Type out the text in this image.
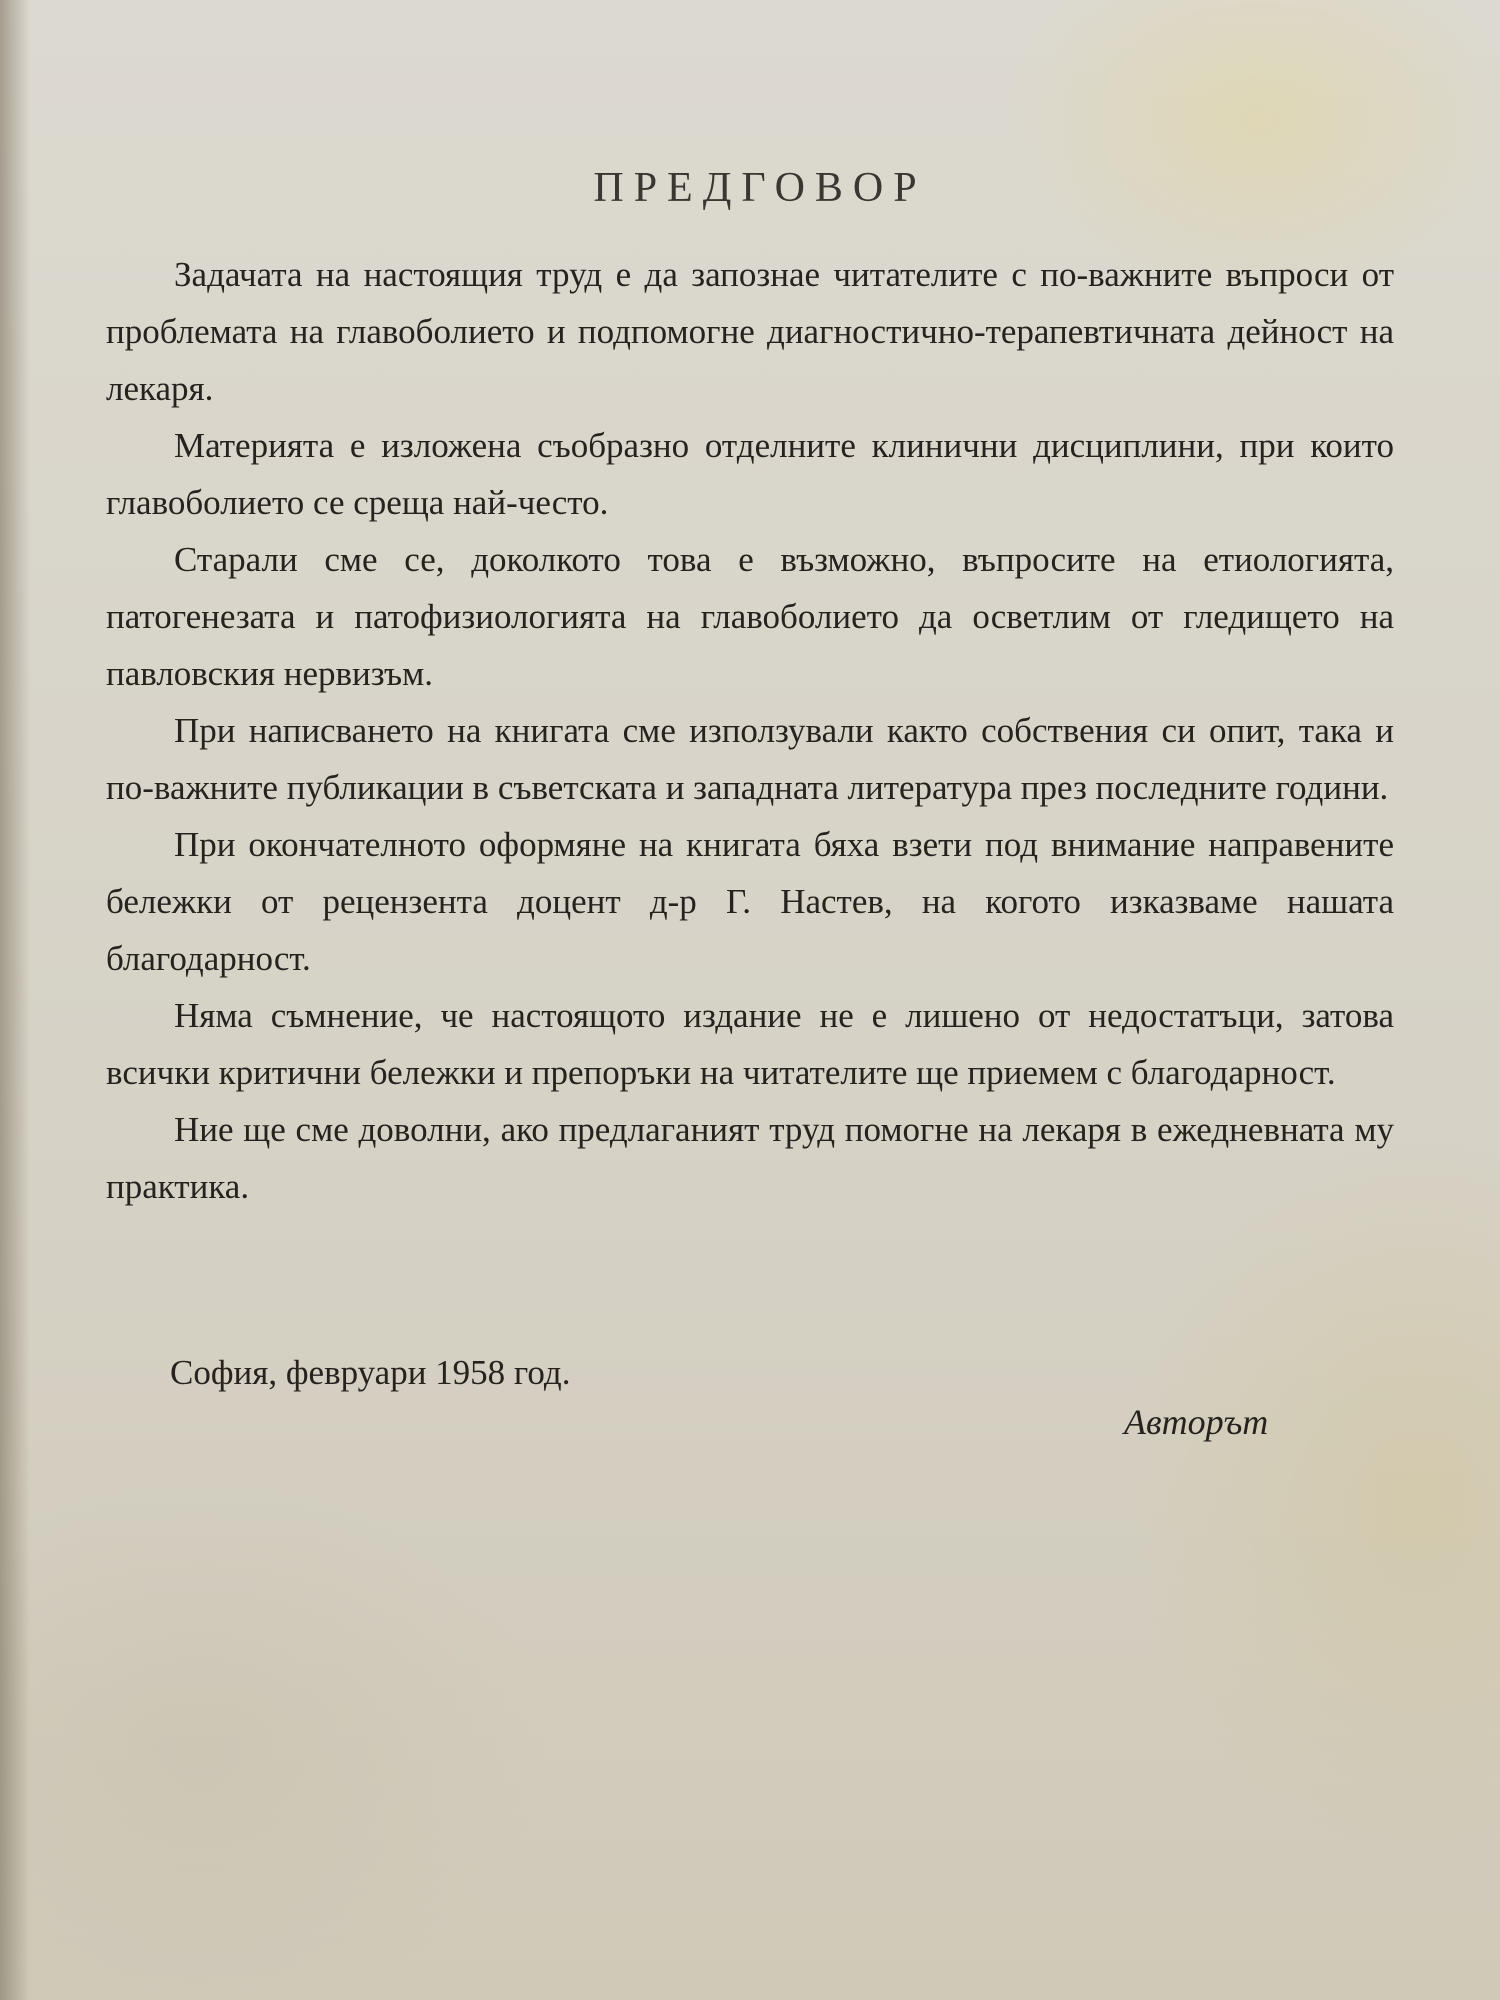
ПРЕДГОВОР

Задачата на настоящия труд е да запознае читателите с по-важните въпроси от проблемата на главоболието и подпомогне диагностично-терапевтичната дейност на лекаря.

Материята е изложена съобразно отделните клинични дисциплини, при които главоболието се среща най-често.

Старали сме се, доколкото това е възможно, въпросите на етиологията, патогенезата и патофизиологията на главоболието да осветлим от гледището на павловския нервизъм.

При написването на книгата сме използували както собствения си опит, така и по-важните публикации в съветската и западната литература през последните години.

При окончателното оформяне на книгата бяха взети под внимание направените бележки от рецензента доцент д-р Г. Настев, на когото изказваме нашата благодарност.

Няма съмнение, че настоящото издание не е лишено от недостатъци, затова всички критични бележки и препоръки на читателите ще приемем с благодарност.

Ние ще сме доволни, ако предлаганият труд помогне на лекаря в ежедневната му практика.

София, февруари 1958 год.
Авторът
